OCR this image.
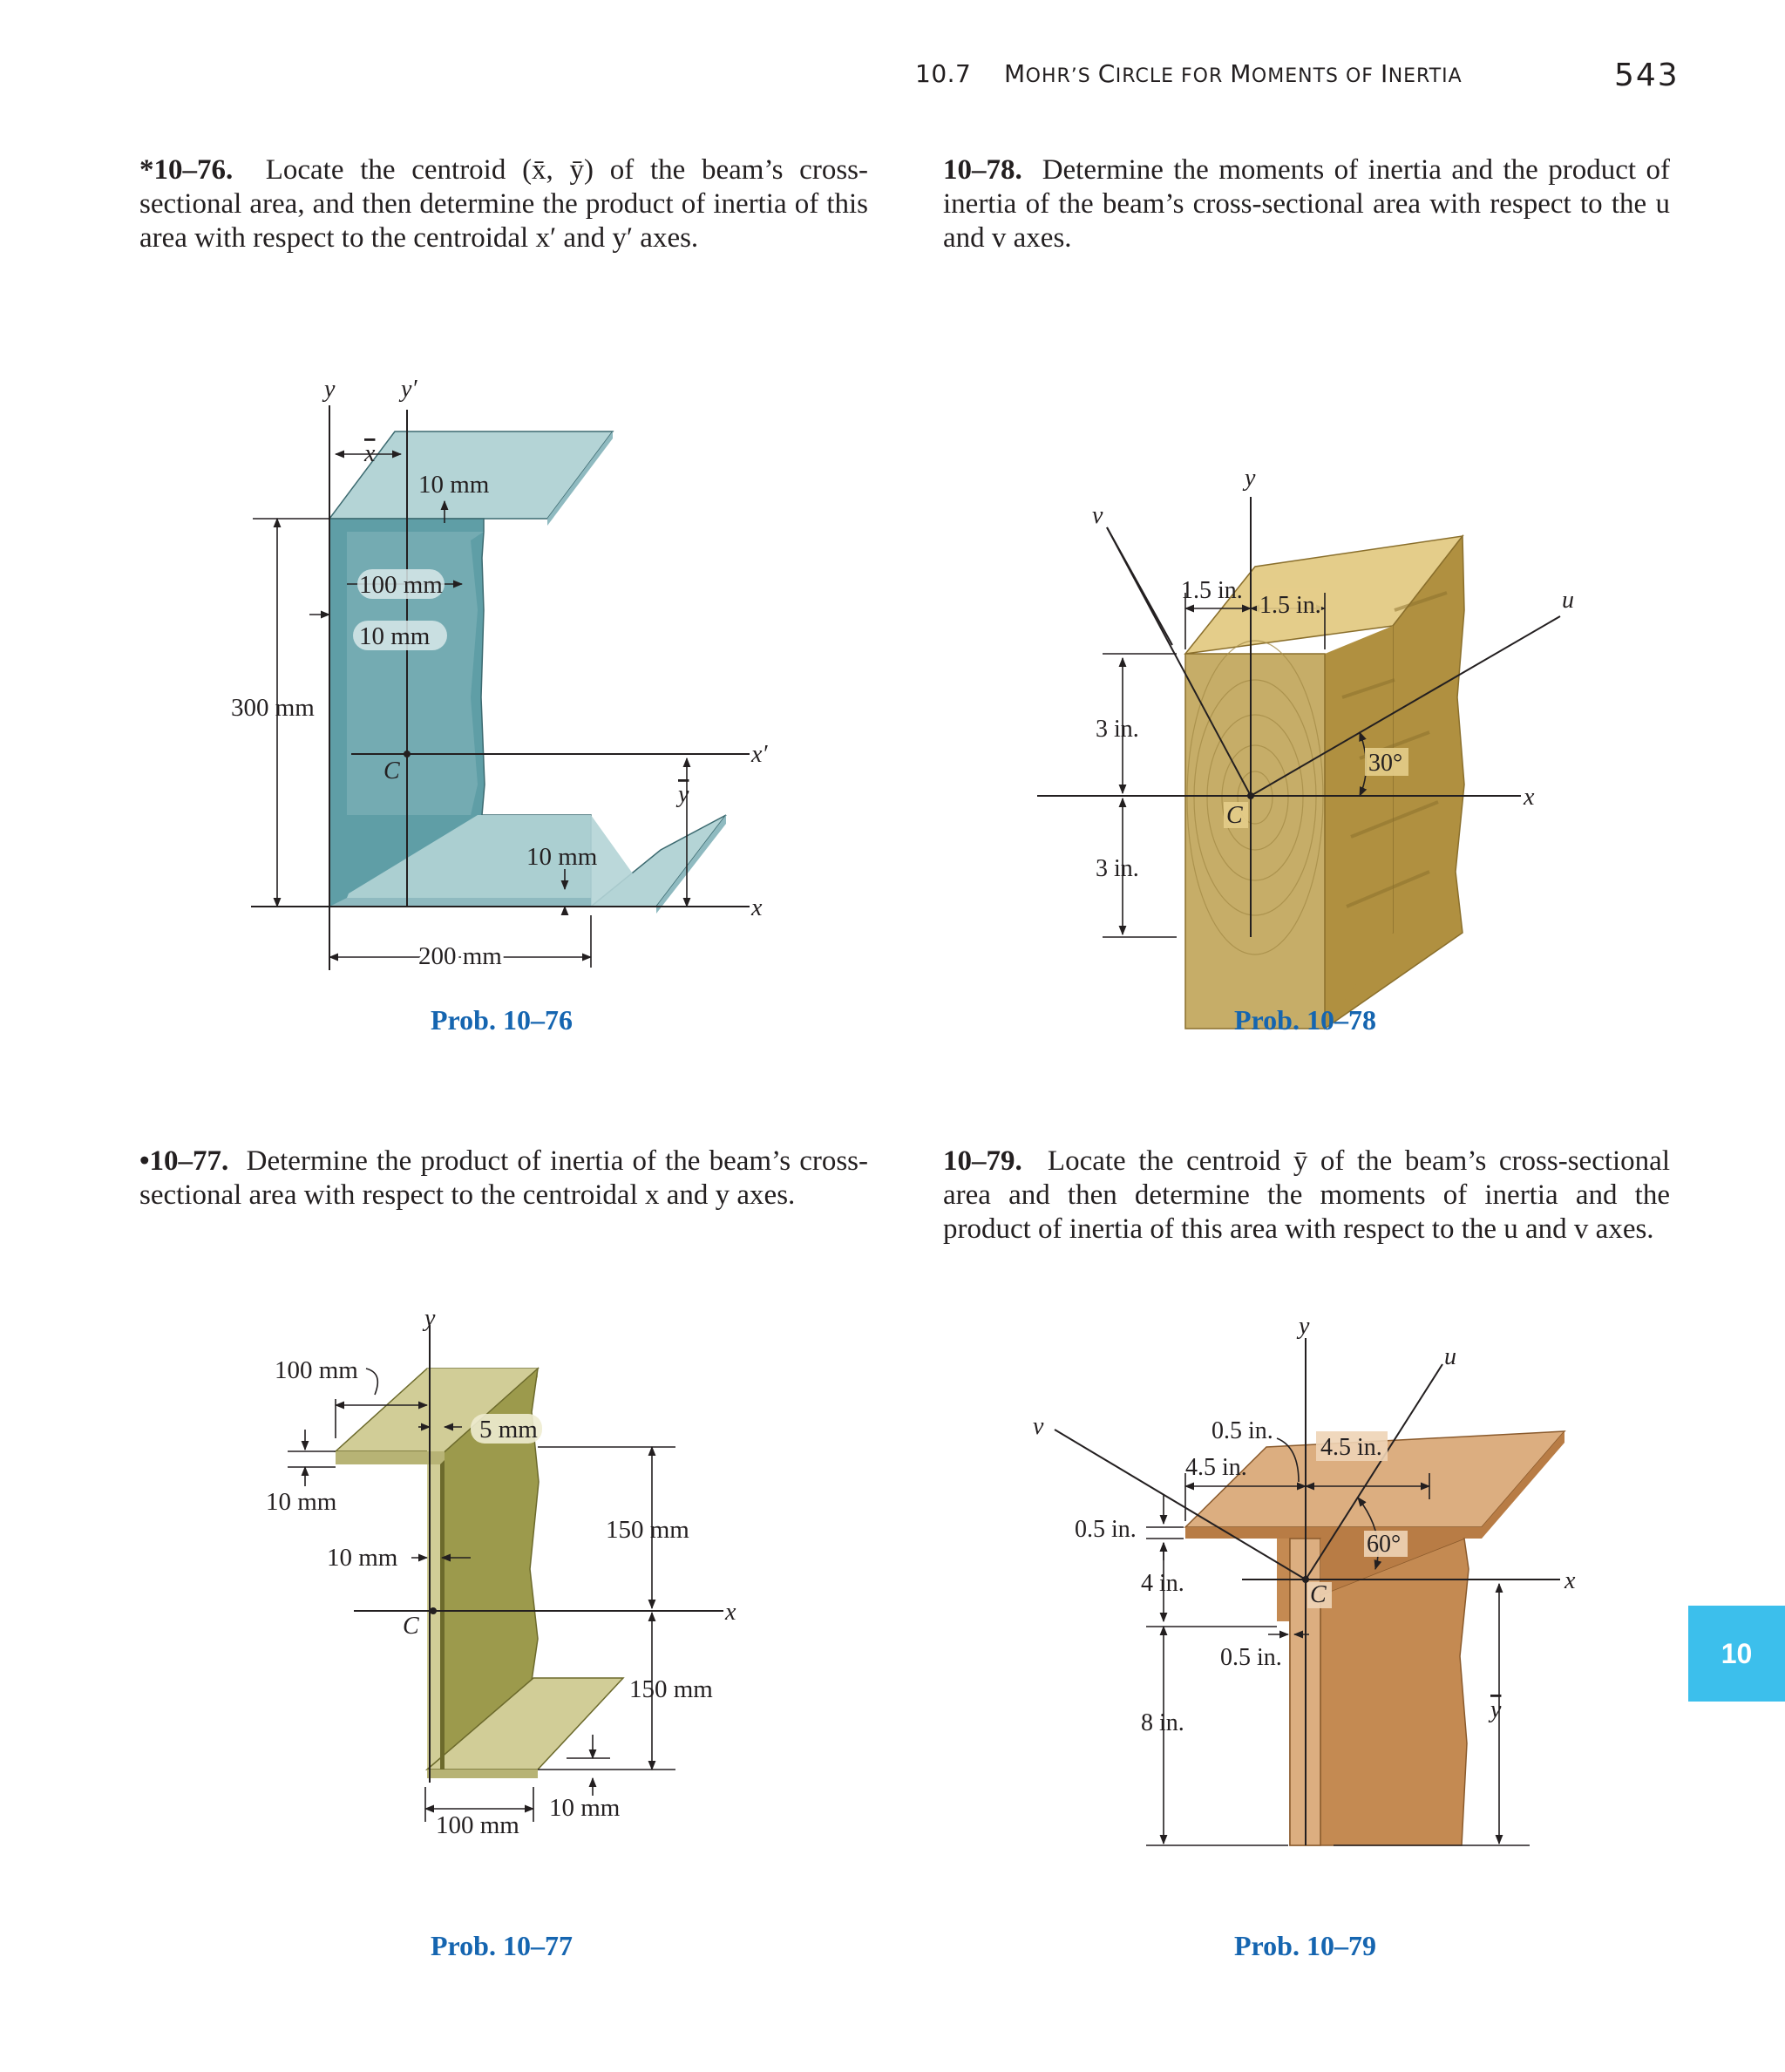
10.7 MOHR’S CIRCLE FOR MOMENTS OF INERTIA	543
*10–76. Locate the centroid (x̄, ȳ) of the beam’s cross-sectional area, and then determine the product of inertia of this area with respect to the centroidal x′ and y′ axes.
10–78. Determine the moments of inertia and the product of inertia of the beam’s cross-sectional area with respect to the u and v axes.
•10–77. Determine the product of inertia of the beam’s cross-sectional area with respect to the centroidal x and y axes.
10–79. Locate the centroid ȳ of the beam’s cross-sectional area and then determine the moments of inertia and the product of inertia of this area with respect to the u and v axes.
y	y′
x
10 mm
100 mm
10 mm
300 mm
C
x′
y
10 mm
x
200 mm
y
100 mm
5 mm
10 mm
150 mm
10 mm
x
C
150 mm
100 mm
10 mm
y
v
u
1.5 in.
1.5 in.
3 in.
3 in.
30°
C
x
y
u
v	0.5 in.
4.5 in.
4.5 in.
0.5 in.
60°
4 in.	C
x
0.5 in.
8 in.	y
Prob. 10–76	Prob. 10–78
Prob. 10–77	Prob. 10–79
10
